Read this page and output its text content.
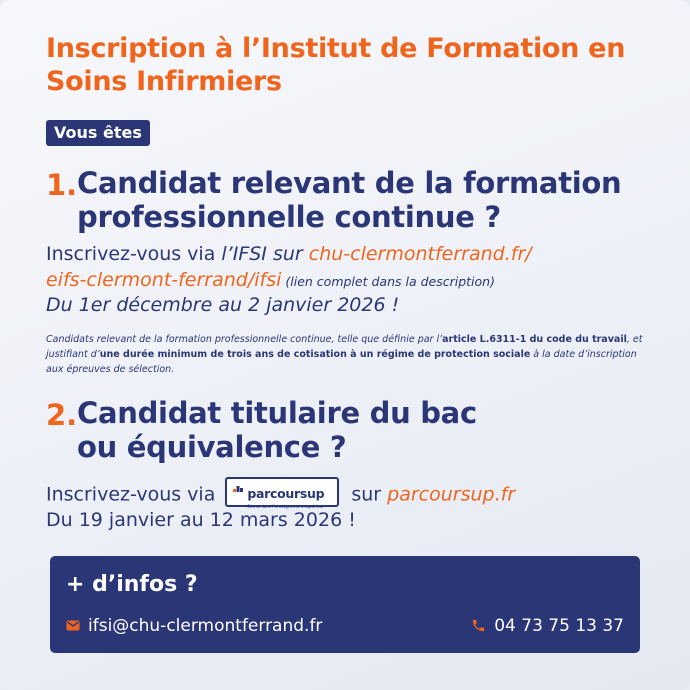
Inscription à l’Institut de Formation en Soins Infirmiers
Vous êtes
1. Candidat relevant de la formation
professionnelle continue ?
Inscrivez-vous via l’IFSI sur chu-clermontferrand.fr/
eifs-clermont-ferrand/ifsi (lien complet dans la description)
Du 1er décembre au 2 janvier 2026 !
Candidats relevant de la formation professionnelle continue, telle que définie par l’article L.6311-1 du code du travail, et justifiant d’une durée minimum de trois ans de cotisation à un régime de protection sociale à la date d’inscription aux épreuves de sélection.
2. Candidat titulaire du bac
ou équivalence ?
Inscrivez-vous via	parcoursup
Entrez dans l’enseignement supérieur
sur parcoursup.fr
Du 19 janvier au 12 mars 2026 !
+ d’infos ?
ifsi@chu-clermontferrand.fr	04 73 75 13 37
